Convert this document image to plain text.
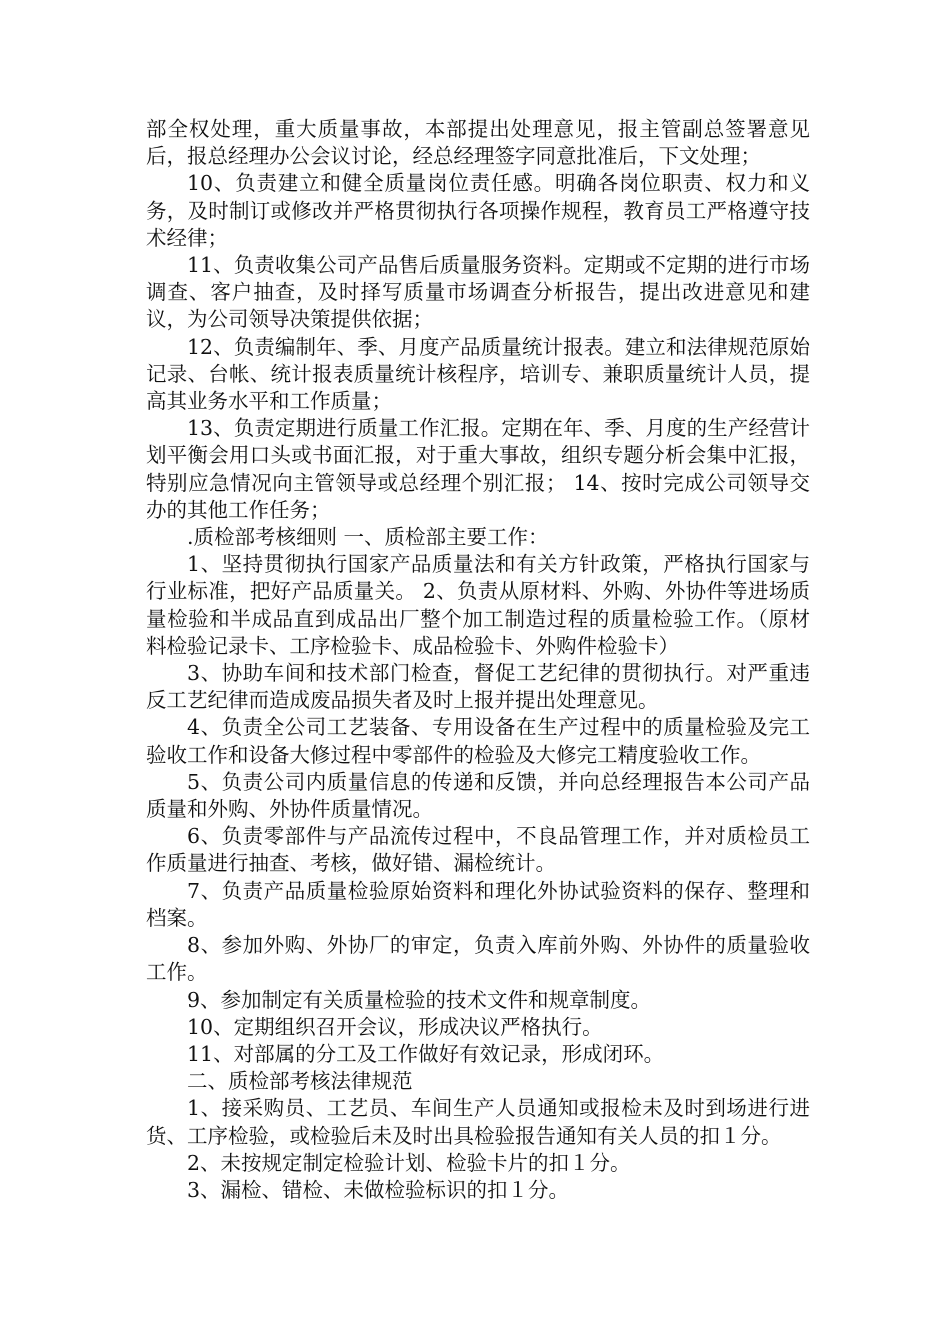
部全权处理，重大质量事故，本部提出处理意见，报主管副总签署意见后，报总经理办公会议讨论，经总经理签字同意批准后，下文处理；

10、负责建立和健全质量岗位责任感。明确各岗位职责、权力和义务，及时制订或修改并严格贯彻执行各项操作规程，教育员工严格遵守技术经律；

11、负责收集公司产品售后质量服务资料。定期或不定期的进行市场调查、客户抽查，及时择写质量市场调查分析报告，提出改进意见和建议，为公司领导决策提供依据；

12、负责编制年、季、月度产品质量统计报表。建立和法律规范原始记录、台帐、统计报表质量统计核程序，培训专、兼职质量统计人员，提高其业务水平和工作质量；

13、负责定期进行质量工作汇报。定期在年、季、月度的生产经营计划平衡会用口头或书面汇报，对于重大事故，组织专题分析会集中汇报，特别应急情况向主管领导或总经理个别汇报； 14、按时完成公司领导交办的其他工作任务；

.质检部考核细则 一、质检部主要工作：

1、坚持贯彻执行国家产品质量法和有关方针政策，严格执行国家与行业标准，把好产品质量关。 2、负责从原材料、外购、外协件等进场质量检验和半成品直到成品出厂整个加工制造过程的质量检验工作。（原材料检验记录卡、工序检验卡、成品检验卡、外购件检验卡）

3、协助车间和技术部门检查，督促工艺纪律的贯彻执行。对严重违反工艺纪律而造成废品损失者及时上报并提出处理意见。

4、负责全公司工艺装备、专用设备在生产过程中的质量检验及完工验收工作和设备大修过程中零部件的检验及大修完工精度验收工作。

5、负责公司内质量信息的传递和反馈，并向总经理报告本公司产品质量和外购、外协件质量情况。

6、负责零部件与产品流传过程中，不良品管理工作，并对质检员工作质量进行抽查、考核，做好错、漏检统计。

7、负责产品质量检验原始资料和理化外协试验资料的保存、整理和档案。

8、参加外购、外协厂的审定，负责入库前外购、外协件的质量验收工作。

9、参加制定有关质量检验的技术文件和规章制度。

10、定期组织召开会议，形成决议严格执行。

11、对部属的分工及工作做好有效记录，形成闭环。

二、质检部考核法律规范

1、接采购员、工艺员、车间生产人员通知或报检未及时到场进行进货、工序检验，或检验后未及时出具检验报告通知有关人员的扣１分。

2、未按规定制定检验计划、检验卡片的扣１分。

3、漏检、错检、未做检验标识的扣１分。
